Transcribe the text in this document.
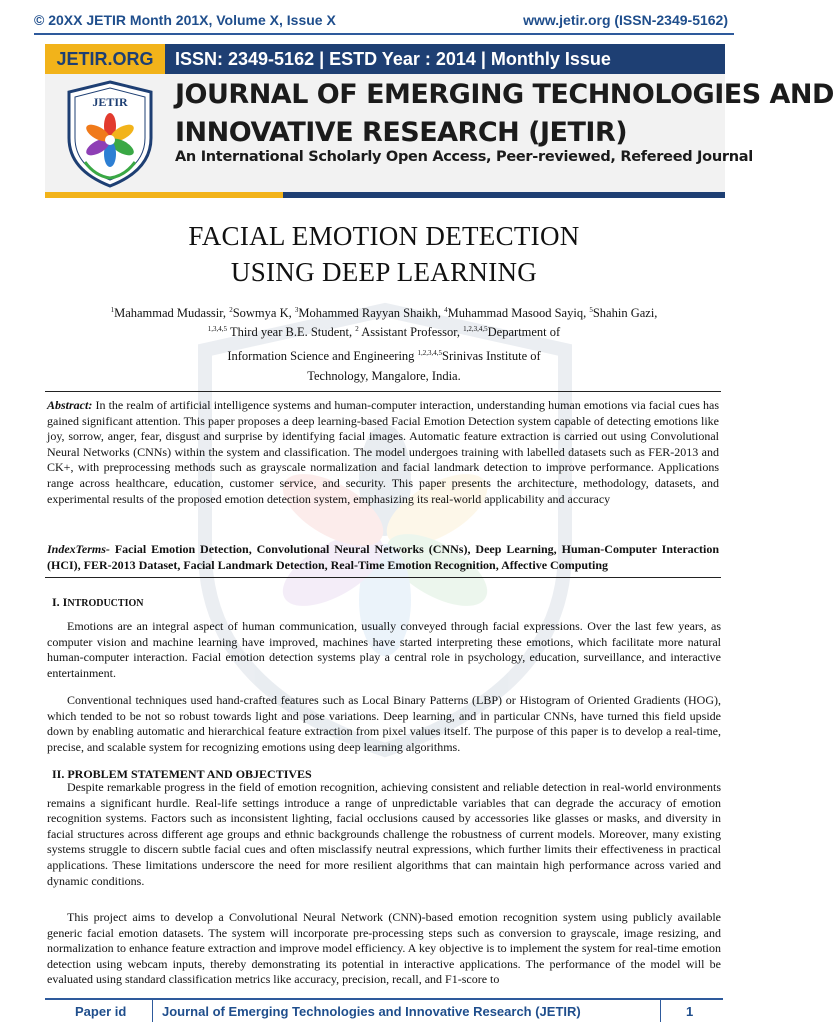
© 20XX JETIR Month 201X, Volume X, Issue X	www.jetir.org (ISSN-2349-5162)
JETIR.ORG	ISSN: 2349-5162 | ESTD Year : 2014 | Monthly Issue
JOURNAL OF EMERGING TECHNOLOGIES AND
INNOVATIVE RESEARCH (JETIR)
An International Scholarly Open Access, Peer-reviewed, Refereed Journal
JETIR
FACIAL EMOTION DETECTION
USING DEEP LEARNING
$^1$Mahammad Mudassir, $^2$Sowmya K, $^3$Mohammed Rayyan Shaikh, $^4$Muhammad Masood Sayiq, $^5$Shahin Gazi,
$^{1,3,4,5}$ Third year B.E. Student, $^2$ Assistant Professor, $^{1,2,3,4,5}$Department of
Information Science and Engineering $^{1,2,3,4,5}$Srinivas Institute of
Technology, Mangalore, India.
Abstract: In the realm of artificial intelligence systems and human-computer interaction, understanding human emotions via facial cues has gained significant attention. This paper proposes a deep learning-based Facial Emotion Detection system capable of detecting emotions like joy, sorrow, anger, fear, disgust and surprise by identifying facial images. Automatic feature extraction is carried out using Convolutional Neural Networks (CNNs) within the system and classification. The model undergoes training with labelled datasets such as FER-2013 and CK+, with preprocessing methods such as grayscale normalization and facial landmark detection to improve performance. Applications range across healthcare, education, customer service, and security. This paper presents the architecture, methodology, datasets, and experimental results of the proposed emotion detection system, emphasizing its real-world applicability and accuracy
IndexTerms- Facial Emotion Detection, Convolutional Neural Networks (CNNs), Deep Learning, Human-Computer Interaction (HCI), FER-2013 Dataset, Facial Landmark Detection, Real-Time Emotion Recognition, Affective Computing
I. INTRODUCTION
Emotions are an integral aspect of human communication, usually conveyed through facial expressions. Over the last few years, as computer vision and machine learning have improved, machines have started interpreting these emotions, which facilitate more natural human-computer interaction. Facial emotion detection systems play a central role in psychology, education, surveillance, and interactive entertainment.
Conventional techniques used hand-crafted features such as Local Binary Patterns (LBP) or Histogram of Oriented Gradients (HOG), which tended to be not so robust towards light and pose variations. Deep learning, and in particular CNNs, have turned this field upside down by enabling automatic and hierarchical feature extraction from pixel values itself. The purpose of this paper is to develop a real-time, precise, and scalable system for recognizing emotions using deep learning algorithms.
II. PROBLEM STATEMENT AND OBJECTIVES
Despite remarkable progress in the field of emotion recognition, achieving consistent and reliable detection in real-world environments remains a significant hurdle. Real-life settings introduce a range of unpredictable variables that can degrade the accuracy of emotion recognition systems. Factors such as inconsistent lighting, facial occlusions caused by accessories like glasses or masks, and diversity in facial structures across different age groups and ethnic backgrounds challenge the robustness of current models. Moreover, many existing systems struggle to discern subtle facial cues and often misclassify neutral expressions, which further limits their effectiveness in practical applications. These limitations underscore the need for more resilient algorithms that can maintain high performance across varied and dynamic conditions.
This project aims to develop a Convolutional Neural Network (CNN)-based emotion recognition system using publicly available generic facial emotion datasets. The system will incorporate pre-processing steps such as conversion to grayscale, image resizing, and normalization to enhance feature extraction and improve model efficiency. A key objective is to implement the system for real-time emotion detection using webcam inputs, thereby demonstrating its potential in interactive applications. The performance of the model will be evaluated using standard classification metrics like accuracy, precision, recall, and F1-score to
Paper id	Journal of Emerging Technologies and Innovative Research (JETIR)	1
